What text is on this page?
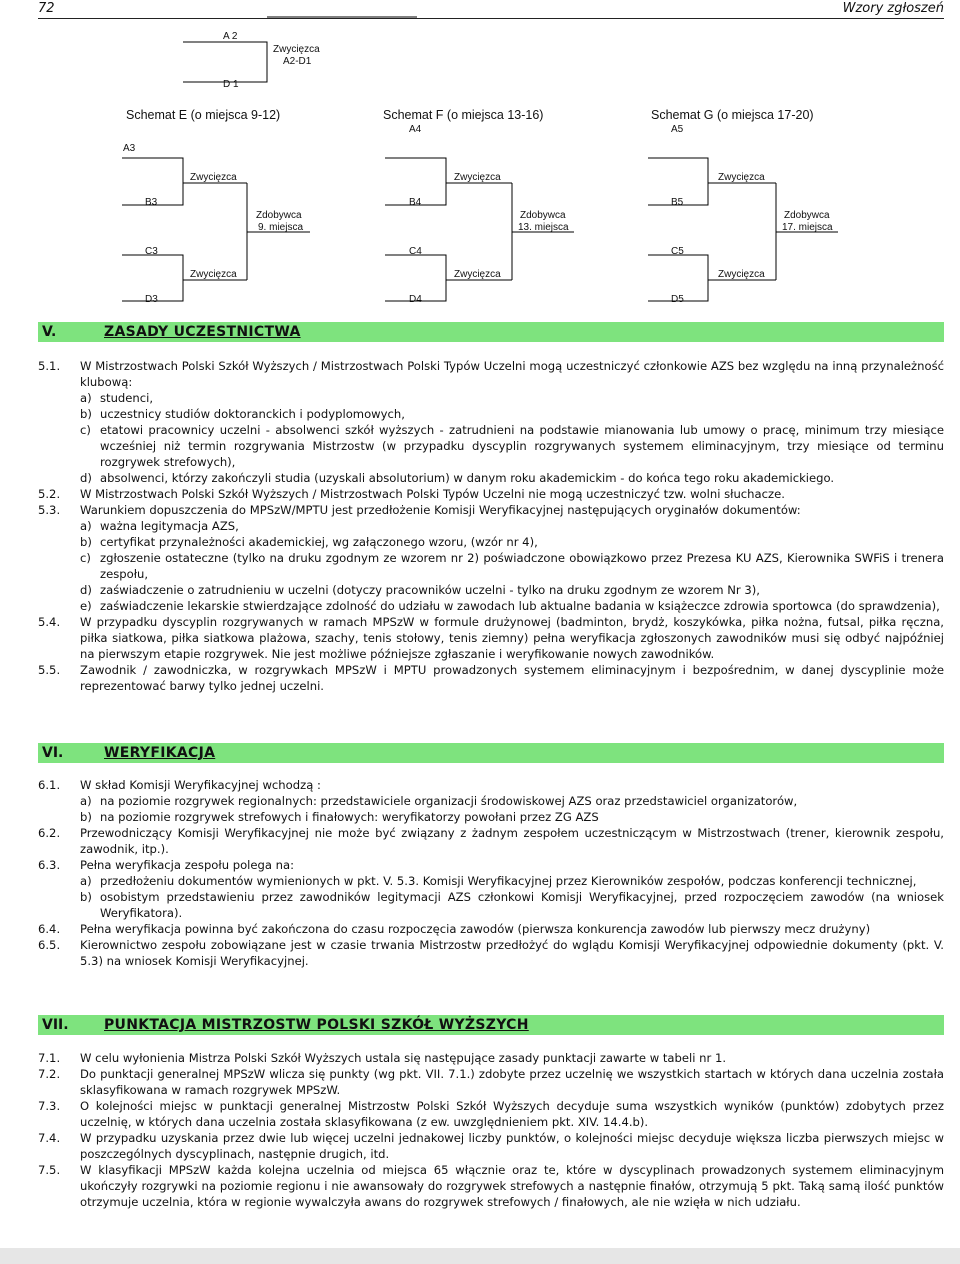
72	Wzory zgłoszeń
A 2
Zwycięzca
A2-D1
D 1
Schemat E (o miejsca 9-12)	Schemat F (o miejsca 13-16)	Schemat G (o miejsca 17-20)
A3
Zwycięzca
B3
Zdobywca
9. miejsca
C3
Zwycięzca
D3
A4
Zwycięzca
B4
Zdobywca
13. miejsca
C4
Zwycięzca
D4
A5
Zwycięzca
B5
Zdobywca
17. miejsca
C5
Zwycięzca
D5
V.	ZASADY UCZESTNICTWA
5.1. W Mistrzostwach Polski Szkół Wyższych / Mistrzostwach Polski Typów Uczelni mogą uczestniczyć członkowie AZS bez względu na inną przynależność klubową:
a) studenci,
b) uczestnicy studiów doktoranckich i podyplomowych,
c) etatowi pracownicy uczelni - absolwenci szkół wyższych - zatrudnieni na podstawie mianowania lub umowy o pracę, minimum trzy miesiące wcześniej niż termin rozgrywania Mistrzostw (w przypadku dyscyplin rozgrywanych systemem eliminacyjnym, trzy miesiące od terminu rozgrywek strefowych),
d) absolwenci, którzy zakończyli studia (uzyskali absolutorium) w danym roku akademickim - do końca tego roku akademickiego.
5.2. W Mistrzostwach Polski Szkół Wyższych / Mistrzostwach Polski Typów Uczelni nie mogą uczestniczyć tzw. wolni słuchacze.
5.3. Warunkiem dopuszczenia do MPSzW/MPTU jest przedłożenie Komisji Weryfikacyjnej następujących oryginałów dokumentów:
a) ważna legitymacja AZS,
b) certyfikat przynależności akademickiej, wg załączonego wzoru, (wzór nr 4),
c) zgłoszenie ostateczne (tylko na druku zgodnym ze wzorem nr 2) poświadczone obowiązkowo przez Prezesa KU AZS, Kierownika SWFiS i trenera zespołu,
d) zaświadczenie o zatrudnieniu w uczelni (dotyczy pracowników uczelni - tylko na druku zgodnym ze wzorem Nr 3),
e) zaświadczenie lekarskie stwierdzające zdolność do udziału w zawodach lub aktualne badania w książeczce zdrowia sportowca (do sprawdzenia),
5.4. W przypadku dyscyplin rozgrywanych w ramach MPSzW w formule drużynowej (badminton, brydż, koszykówka, piłka nożna, futsal, piłka ręczna, piłka siatkowa, piłka siatkowa plażowa, szachy, tenis stołowy, tenis ziemny) pełna weryfikacja zgłoszonych zawodników musi się odbyć najpóźniej na pierwszym etapie rozgrywek. Nie jest możliwe późniejsze zgłaszanie i weryfikowanie nowych zawodników.
5.5. Zawodnik / zawodniczka, w rozgrywkach MPSzW i MPTU prowadzonych systemem eliminacyjnym i bezpośrednim, w danej dyscyplinie może reprezentować barwy tylko jednej uczelni.
VI.	WERYFIKACJA
6.1. W skład Komisji Weryfikacyjnej wchodzą :
a) na poziomie rozgrywek regionalnych: przedstawiciele organizacji środowiskowej AZS oraz przedstawiciel organizatorów,
b) na poziomie rozgrywek strefowych i finałowych: weryfikatorzy powołani przez ZG AZS
6.2. Przewodniczący Komisji Weryfikacyjnej nie może być związany z żadnym zespołem uczestniczącym w Mistrzostwach (trener, kierownik zespołu, zawodnik, itp.).
6.3. Pełna weryfikacja zespołu polega na:
a) przedłożeniu dokumentów wymienionych w pkt. V. 5.3. Komisji Weryfikacyjnej przez Kierowników zespołów, podczas konferencji technicznej,
b) osobistym przedstawieniu przez zawodników legitymacji AZS członkowi Komisji Weryfikacyjnej, przed rozpoczęciem zawodów (na wniosek Weryfikatora).
6.4. Pełna weryfikacja powinna być zakończona do czasu rozpoczęcia zawodów (pierwsza konkurencja zawodów lub pierwszy mecz drużyny)
6.5. Kierownictwo zespołu zobowiązane jest w czasie trwania Mistrzostw przedłożyć do wglądu Komisji Weryfikacyjnej odpowiednie dokumenty (pkt. V. 5.3) na wniosek Komisji Weryfikacyjnej.
VII.	PUNKTACJA MISTRZOSTW POLSKI SZKÓŁ WYŻSZYCH
7.1. W celu wyłonienia Mistrza Polski Szkół Wyższych ustala się następujące zasady punktacji zawarte w tabeli nr 1.
7.2. Do punktacji generalnej MPSzW wlicza się punkty (wg pkt. VII. 7.1.) zdobyte przez uczelnię we wszystkich startach w których dana uczelnia została sklasyfikowana w ramach rozgrywek MPSzW.
7.3. O kolejności miejsc w punktacji generalnej Mistrzostw Polski Szkół Wyższych decyduje suma wszystkich wyników (punktów) zdobytych przez uczelnię, w których dana uczelnia została sklasyfikowana (z ew. uwzględnieniem pkt. XIV. 14.4.b).
7.4. W przypadku uzyskania przez dwie lub więcej uczelni jednakowej liczby punktów, o kolejności miejsc decyduje większa liczba pierwszych miejsc w poszczególnych dyscyplinach, następnie drugich, itd.
7.5. W klasyfikacji MPSzW każda kolejna uczelnia od miejsca 65 włącznie oraz te, które w dyscyplinach prowadzonych systemem eliminacyjnym ukończyły rozgrywki na poziomie regionu i nie awansowały do rozgrywek strefowych a następnie finałów, otrzymują 5 pkt. Taką samą ilość punktów otrzymuje uczelnia, która w regionie wywalczyła awans do rozgrywek strefowych / finałowych, ale nie wzięła w nich udziału.
